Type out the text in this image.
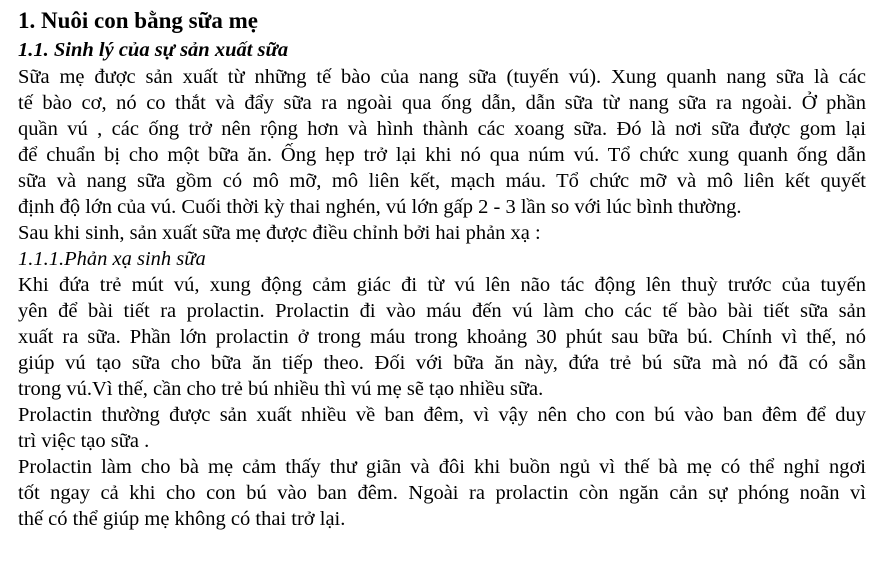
1. Nuôi con bằng sữa mẹ
1.1. Sinh lý của sự sản xuất sữa
Sữa mẹ được sản xuất từ những tế bào của nang sữa (tuyến vú). Xung quanh nang sữa là các
tế bào cơ, nó co thắt và đẩy sữa ra ngoài qua ống dẫn, dẫn sữa từ nang sữa ra ngoài. Ở phần
quần vú , các ống trở nên rộng hơn và hình thành các xoang sữa. Đó là nơi sữa được gom lại
để chuẩn bị cho một bữa ăn. Ống hẹp trở lại khi nó qua núm vú. Tổ chức xung quanh ống dẫn
sữa và nang sữa gồm có mô mỡ, mô liên kết, mạch máu. Tổ chức mỡ và mô liên kết quyết
định độ lớn của vú. Cuối thời kỳ thai nghén, vú lớn gấp 2 - 3 lần so với lúc bình thường.
Sau khi sinh, sản xuất sữa mẹ được điều chỉnh bởi hai phản xạ :
1.1.1.Phản xạ sinh sữa
Khi đứa trẻ mút vú, xung động cảm giác đi từ vú lên não tác động lên thuỳ trước của tuyến
yên để bài tiết ra prolactin. Prolactin đi vào máu đến vú làm cho các tế bào bài tiết sữa sản
xuất ra sữa. Phần lớn prolactin ở trong máu trong khoảng 30 phút sau bữa bú. Chính vì thế, nó
giúp vú tạo sữa cho bữa ăn tiếp theo. Đối với bữa ăn này, đứa trẻ bú sữa mà nó đã có sẵn
trong vú.Vì thế, cần cho trẻ bú nhiều thì vú mẹ sẽ tạo nhiều sữa.
Prolactin thường được sản xuất nhiều về ban đêm, vì vậy nên cho con bú vào ban đêm để duy
trì việc tạo sữa .
Prolactin làm cho bà mẹ cảm thấy thư giãn và đôi khi buồn ngủ vì thế bà mẹ có thể nghỉ ngơi
tốt ngay cả khi cho con bú vào ban đêm. Ngoài ra prolactin còn ngăn cản sự phóng noãn vì
thế có thể giúp mẹ không có thai trở lại.
